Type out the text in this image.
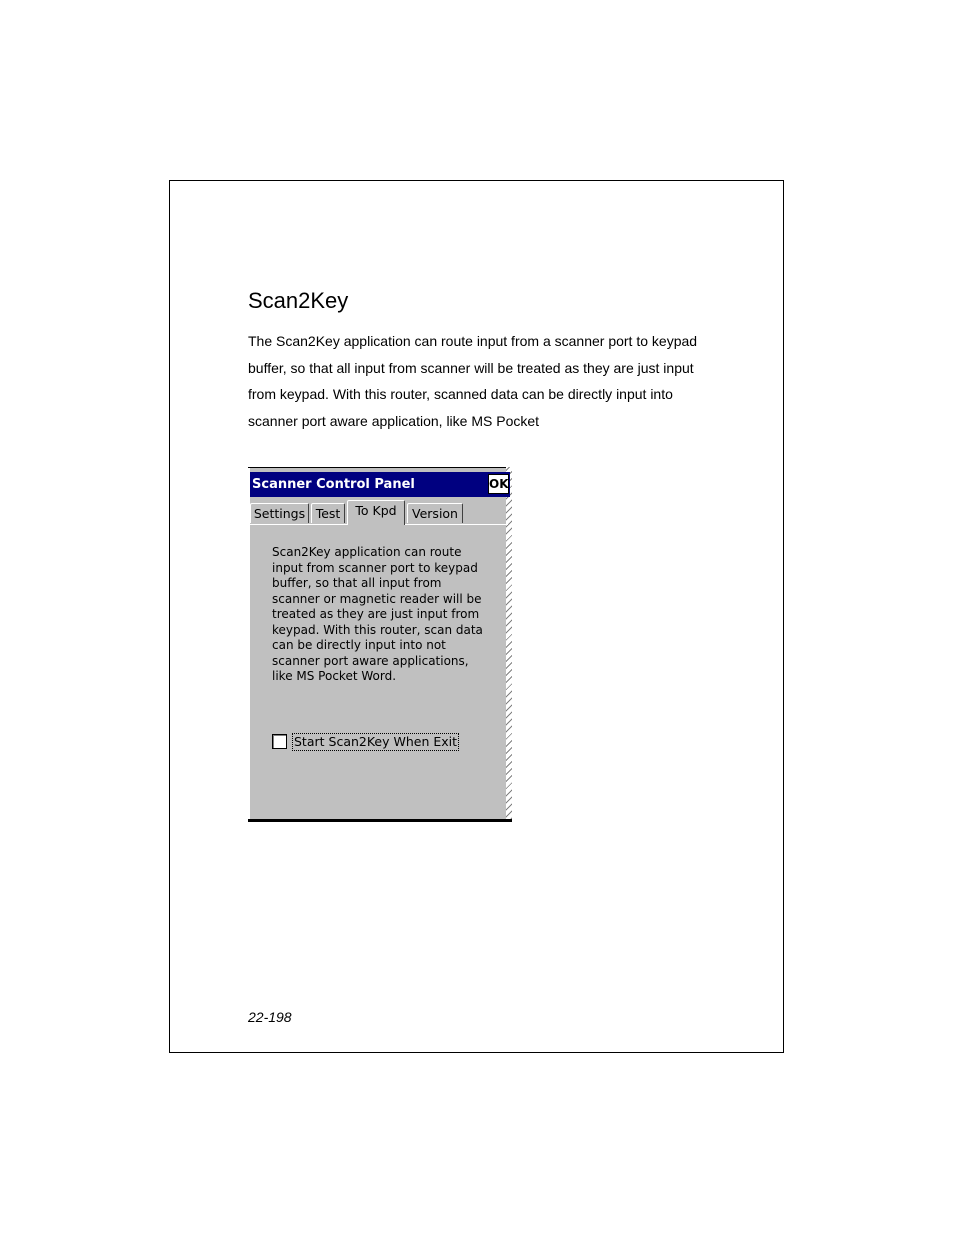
Scan2Key

The Scan2Key application can route input from a scanner port to keypad buffer, so that all input from scanner will be treated as they are just input from keypad. With this router, scanned data can be directly input into scanner port aware application, like MS Pocket

Scanner Control Panel	OK
Settings Test	To Kpd	Version

Scan2Key application can route input from scanner port to keypad buffer, so that all input from scanner or magnetic reader will be treated as they are just input from keypad. With this router, scan data can be directly input into not scanner port aware applications, like MS Pocket Word.

Start Scan2Key When Exit
22-198
